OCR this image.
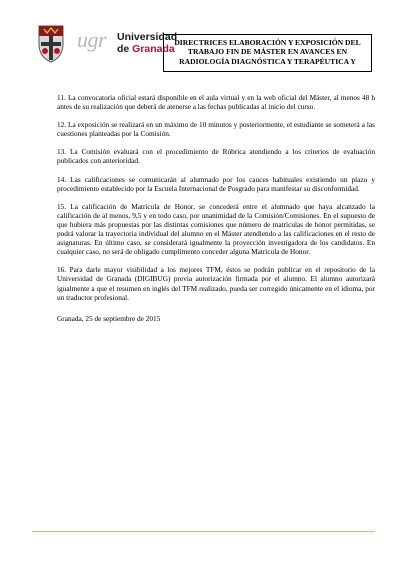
ugr Universidad
de Granada
DIRECTRICES ELABORACIÓN Y EXPOSICIÓN DEL TRABAJO FIN DE MÁSTER EN AVANCES EN RADIOLOGÍA DIAGNÓSTICA Y TERAPÉUTICA Y

11. La convocatoria oficial estará disponible en el aula virtual y en la web oficial del Máster, al menos 48 h antes de su realización que deberá de atenerse a las fechas publicadas al inicio del curso.

12. La exposición se realizará en un máximo de 10 minutos y posteriormente, el estudiante se someterá a las cuestiones planteadas por la Comisión.

13. La Comisión evaluará con el procedimiento de Rúbrica atendiendo a los criterios de evaluación publicados con anterioridad.

14. Las calificaciones se comunicarán al alumnado por los cauces habituales existiendo un plazo y procedimiento establecido por la Escuela Internacional de Posgrado para manifestar su disconformidad.

15. La calificación de Matrícula de Honor, se concederá entre el alumnado que haya alcanzado la calificación de al menos, 9,5 y en todo caso, por unanimidad de la Comisión/Comisiones. En el supuesto de que hubiera más propuestas por las distintas comisiones que número de matrículas de honor permitidas, se podrá valorar la trayectoria individual del alumno en el Máster atendiendo a las calificaciones en el resto de asignaturas. En último caso, se considerará igualmente la proyección investigadora de los candidatos. En cualquier caso, no será de obligado cumplimento conceder alguna Matrícula de Honor.

16. Para darle mayor visibilidad a los mejores TFM, éstos se podrán publicar en el repositorio de la Universidad de Granada (DIGIBUG) previa autorización firmada por el alumno. El alumno autorizará igualmente a que el resumen en inglés del TFM realizado, pueda ser corregido únicamente en el idioma, por un traductor profesional.

Granada, 25 de septiembre de 2015
